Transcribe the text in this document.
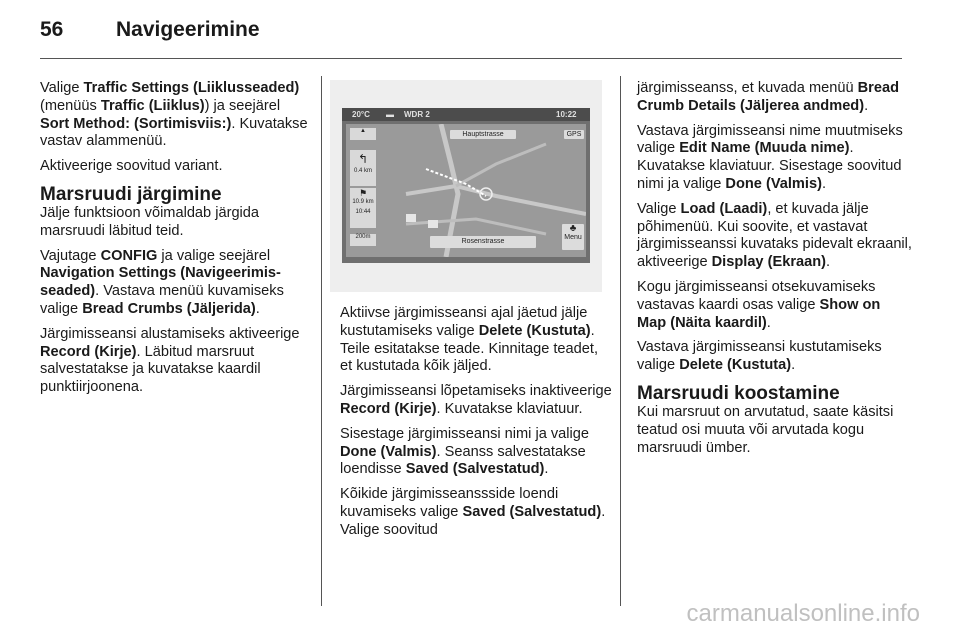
56	Navigeerimine

Valige Traffic Settings (Liiklusseaded) (menüüs Traffic (Liiklus)) ja seejärel Sort Method: (Sortimisviis:). Kuvatakse vastav alammenüü.

Aktiveerige soovitud variant.

Marsruudi järgimine

Jälje funktsioon võimaldab järgida marsruudi läbitud teid.

Vajutage CONFIG ja valige seejärel Navigation Settings (Navigeerimis-seaded). Vastava menüü kuvamiseks valige Bread Crumbs (Jäljerida).

Järgimisseansi alustamiseks aktiveerige Record (Kirje). Läbitud marsruut salvestatakse ja kuvatakse kaardil punktiirjoonena.

20°C ▬ WDR 2	10:22
Hauptstrasse	GPS
▲
↰
0.4 km
⚑
10.9 km
10:44
200m
Rosenstrasse
♣
Menu

Aktiivse järgimisseansi ajal jäetud jälje kustutamiseks valige Delete (Kustuta). Teile esitatakse teade. Kinnitage teadet, et kustutada kõik jäljed.

Järgimisseansi lõpetamiseks inaktiveerige Record (Kirje). Kuvatakse klaviatuur.

Sisestage järgimisseansi nimi ja valige Done (Valmis). Seanss salvestatakse loendisse Saved (Salvestatud).

Kõikide järgimisseanssside loendi kuvamiseks valige Saved (Salvestatud). Valige soovitud

järgimisseanss, et kuvada menüü Bread Crumb Details (Jäljerea andmed).

Vastava järgimisseansi nime muutmiseks valige Edit Name (Muuda nime). Kuvatakse klaviatuur. Sisestage soovitud nimi ja valige Done (Valmis).

Valige Load (Laadi), et kuvada jälje põhimenüü. Kui soovite, et vastavat järgimisseanssi kuvataks pidevalt ekraanil, aktiveerige Display (Ekraan).

Kogu järgimisseansi otsekuvamiseks vastavas kaardi osas valige Show on Map (Näita kaardil).

Vastava järgimisseansi kustutamiseks valige Delete (Kustuta).

Marsruudi koostamine

Kui marsruut on arvutatud, saate käsitsi teatud osi muuta või arvutada kogu marsruudi ümber.

carmanualsonline.info
